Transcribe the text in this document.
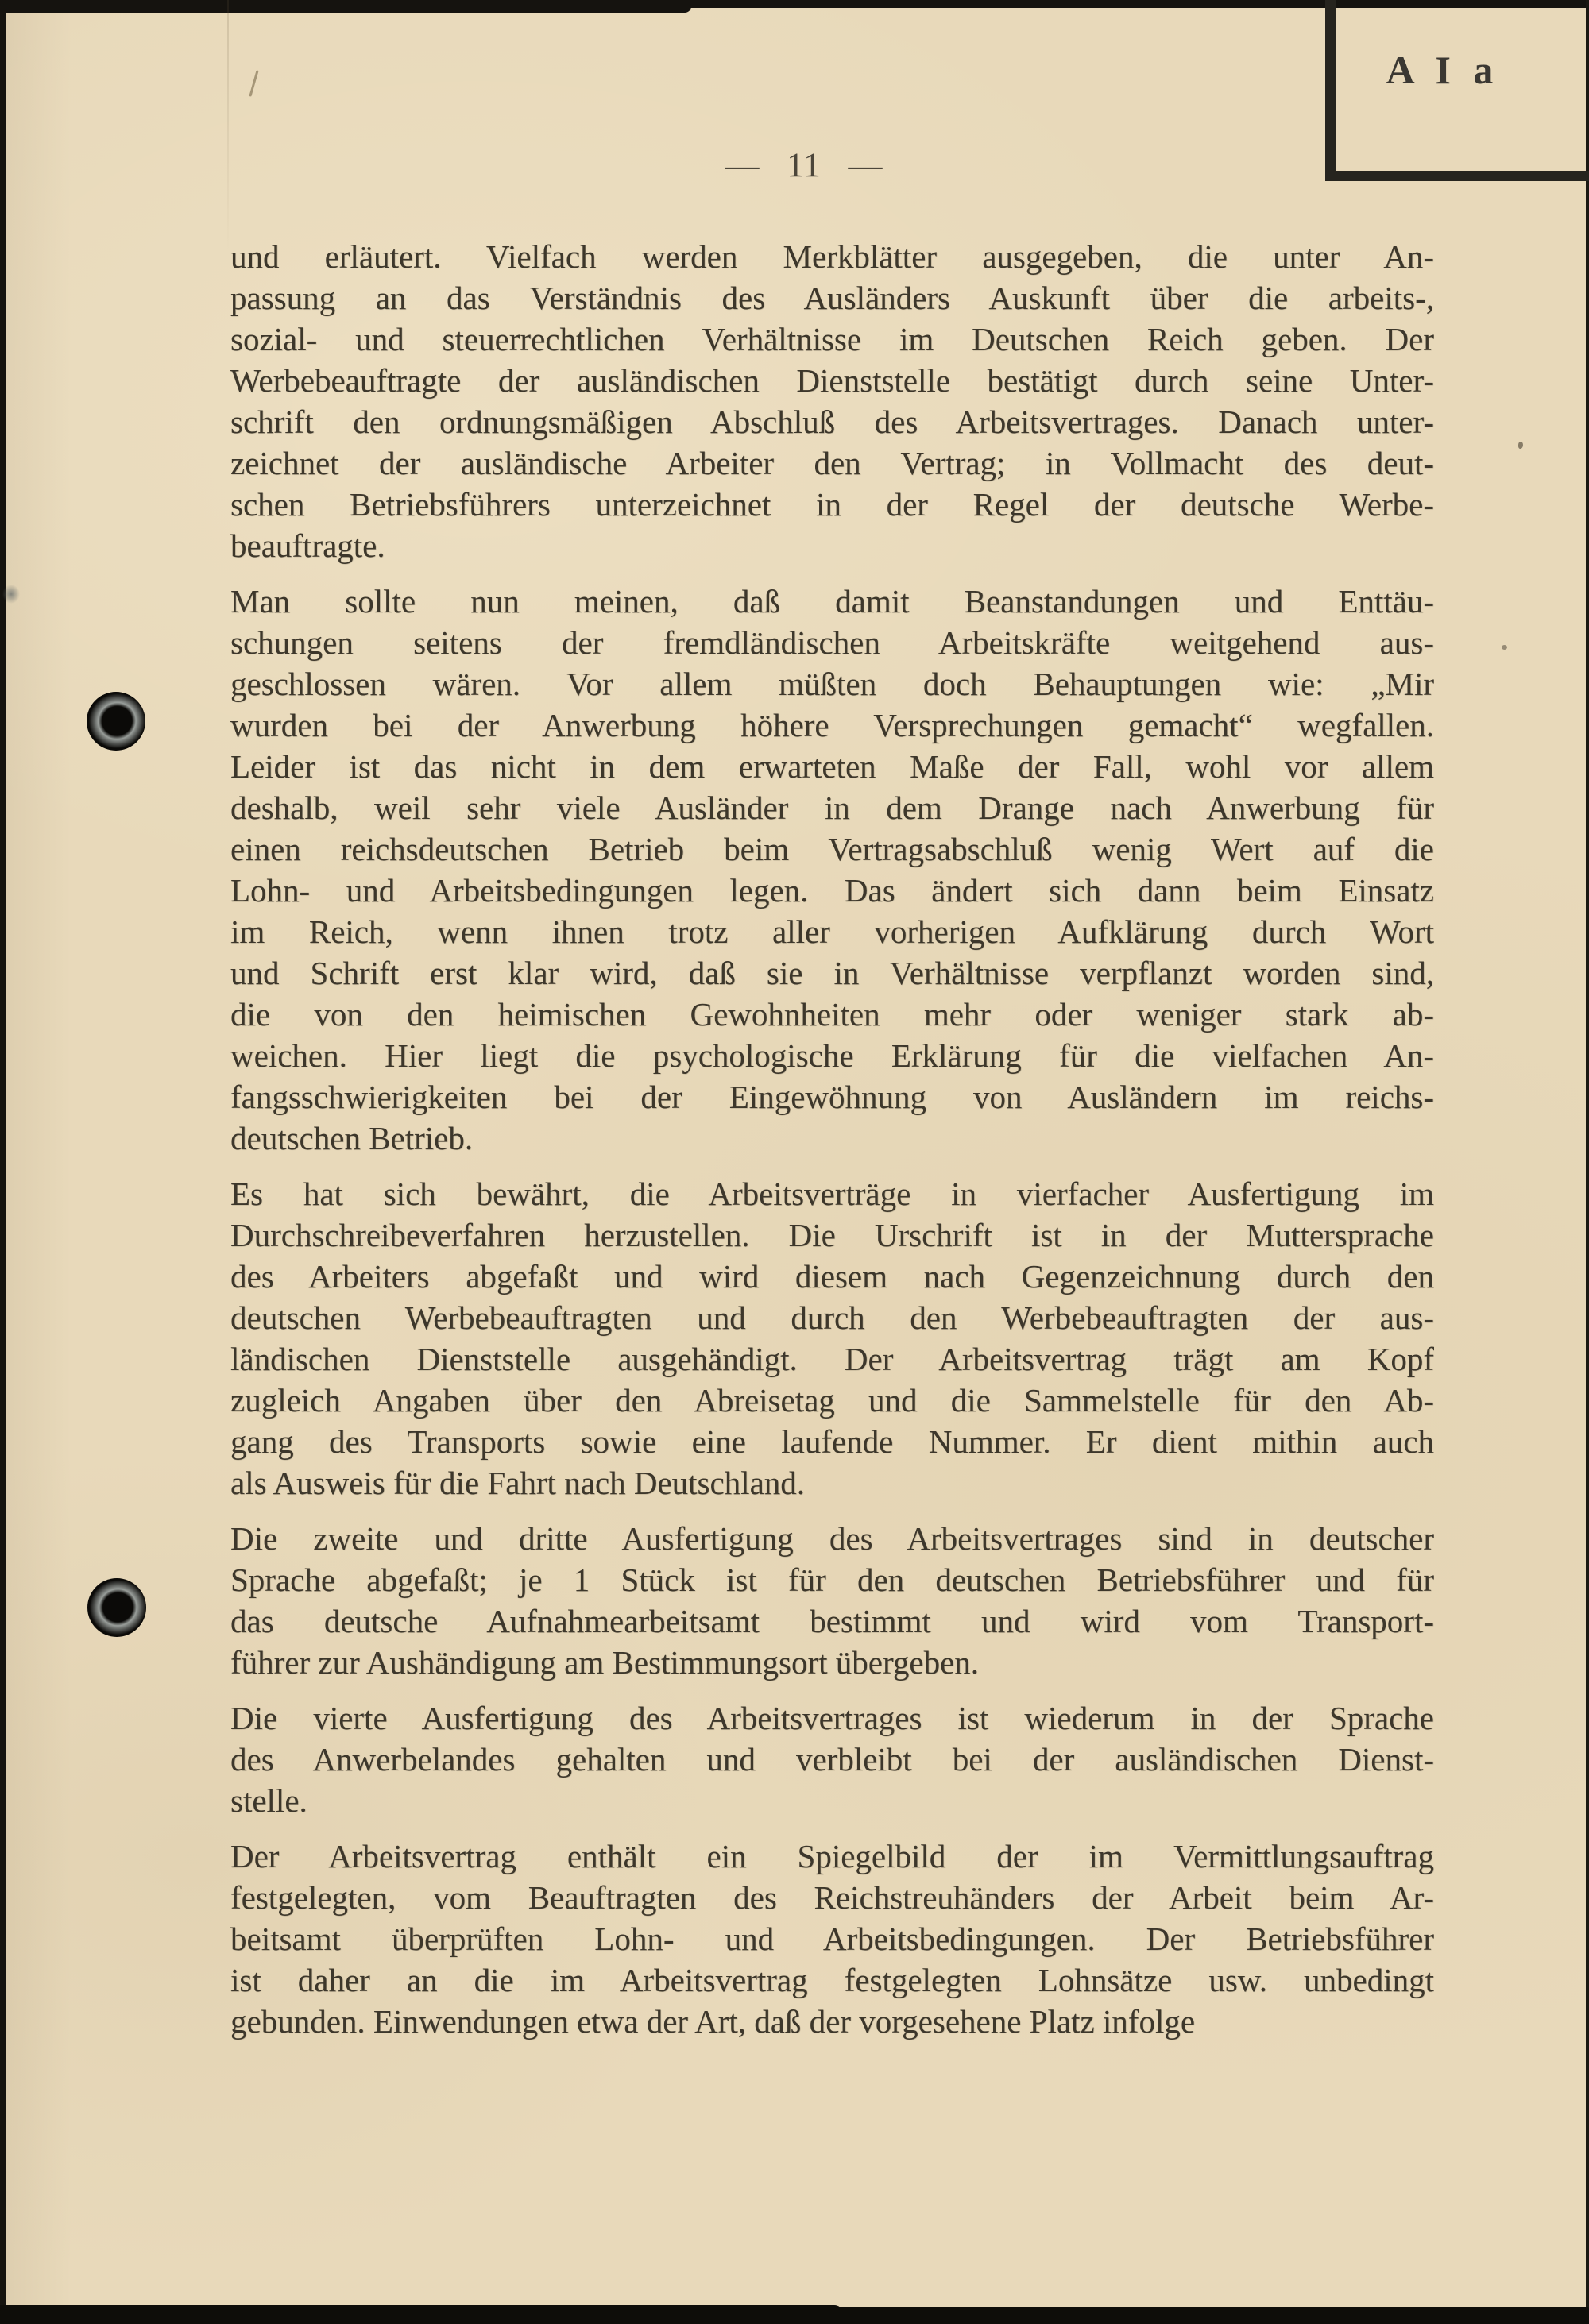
A I a
— 11 —
und erläutert. Vielfach werden Merkblätter ausgegeben, die unter An-
passung an das Verständnis des Ausländers Auskunft über die arbeits-,
sozial- und steuerrechtlichen Verhältnisse im Deutschen Reich geben. Der
Werbebeauftragte der ausländischen Dienststelle bestätigt durch seine Unter-
schrift den ordnungsmäßigen Abschluß des Arbeitsvertrages. Danach unter-
zeichnet der ausländische Arbeiter den Vertrag; in Vollmacht des deut-
schen Betriebsführers unterzeichnet in der Regel der deutsche Werbe-
beauftragte.
Man sollte nun meinen, daß damit Beanstandungen und Enttäu-
schungen seitens der fremdländischen Arbeitskräfte weitgehend aus-
geschlossen wären. Vor allem müßten doch Behauptungen wie: „Mir
wurden bei der Anwerbung höhere Versprechungen gemacht“ wegfallen.
Leider ist das nicht in dem erwarteten Maße der Fall, wohl vor allem
deshalb, weil sehr viele Ausländer in dem Drange nach Anwerbung für
einen reichsdeutschen Betrieb beim Vertragsabschluß wenig Wert auf die
Lohn- und Arbeitsbedingungen legen. Das ändert sich dann beim Einsatz
im Reich, wenn ihnen trotz aller vorherigen Aufklärung durch Wort
und Schrift erst klar wird, daß sie in Verhältnisse verpflanzt worden sind,
die von den heimischen Gewohnheiten mehr oder weniger stark ab-
weichen. Hier liegt die psychologische Erklärung für die vielfachen An-
fangsschwierigkeiten bei der Eingewöhnung von Ausländern im reichs-
deutschen Betrieb.
Es hat sich bewährt, die Arbeitsverträge in vierfacher Ausfertigung im
Durchschreibeverfahren herzustellen. Die Urschrift ist in der Muttersprache
des Arbeiters abgefaßt und wird diesem nach Gegenzeichnung durch den
deutschen Werbebeauftragten und durch den Werbebeauftragten der aus-
ländischen Dienststelle ausgehändigt. Der Arbeitsvertrag trägt am Kopf
zugleich Angaben über den Abreisetag und die Sammelstelle für den Ab-
gang des Transports sowie eine laufende Nummer. Er dient mithin auch
als Ausweis für die Fahrt nach Deutschland.
Die zweite und dritte Ausfertigung des Arbeitsvertrages sind in deutscher
Sprache abgefaßt; je 1 Stück ist für den deutschen Betriebsführer und für
das deutsche Aufnahmearbeitsamt bestimmt und wird vom Transport-
führer zur Aushändigung am Bestimmungsort übergeben.
Die vierte Ausfertigung des Arbeitsvertrages ist wiederum in der Sprache
des Anwerbelandes gehalten und verbleibt bei der ausländischen Dienst-
stelle.
Der Arbeitsvertrag enthält ein Spiegelbild der im Vermittlungsauftrag
festgelegten, vom Beauftragten des Reichstreuhänders der Arbeit beim Ar-
beitsamt überprüften Lohn- und Arbeitsbedingungen. Der Betriebsführer
ist daher an die im Arbeitsvertrag festgelegten Lohnsätze usw. unbedingt
gebunden. Einwendungen etwa der Art, daß der vorgesehene Platz infolge
